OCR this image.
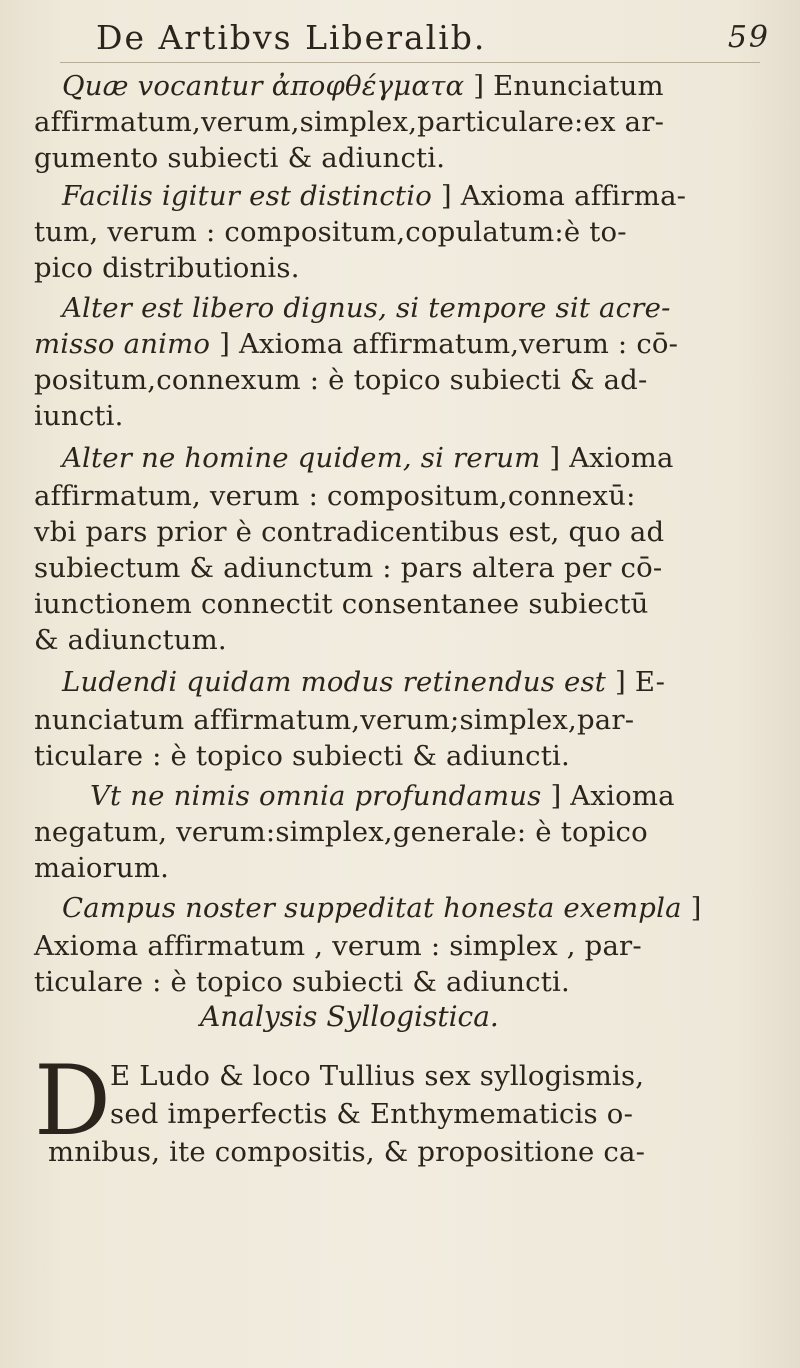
De Artibvs Liberalib.	59
Quæ vocantur ἀποφθέγματα ] Enunciatum
affirmatum,verum,simplex,particulare:ex ar-
gumento subiecti & adiuncti.
Facilis igitur est distinctio ] Axioma affirma-
tum, verum : compositum,copulatum:è to-
pico distributionis.
Alter est libero dignus, si tempore sit acre-
misso animo ] Axioma affirmatum,verum : cō-
positum,connexum : è topico subiecti & ad-
iuncti.
Alter ne homine quidem, si rerum ] Axioma
affirmatum, verum : compositum,connexū:
vbi pars prior è contradicentibus est, quo ad
subiectum & adiunctum : pars altera per cō-
iunctionem connectit consentanee subiectū
& adiunctum.
Ludendi quidam modus retinendus est ] E-
nunciatum affirmatum,verum;simplex,par-
ticulare : è topico subiecti & adiuncti.
Vt ne nimis omnia profundamus ] Axioma
negatum, verum:simplex,generale: è topico
maiorum.
Campus noster suppeditat honesta exempla ]
Axioma affirmatum , verum : simplex , par-
ticulare : è topico subiecti & adiuncti.
Analysis Syllogistica.
D E Ludo & loco Tullius sex syllogismis,
sed imperfectis & Enthymematicis o-
mnibus, ite compositis, & propositione ca-
